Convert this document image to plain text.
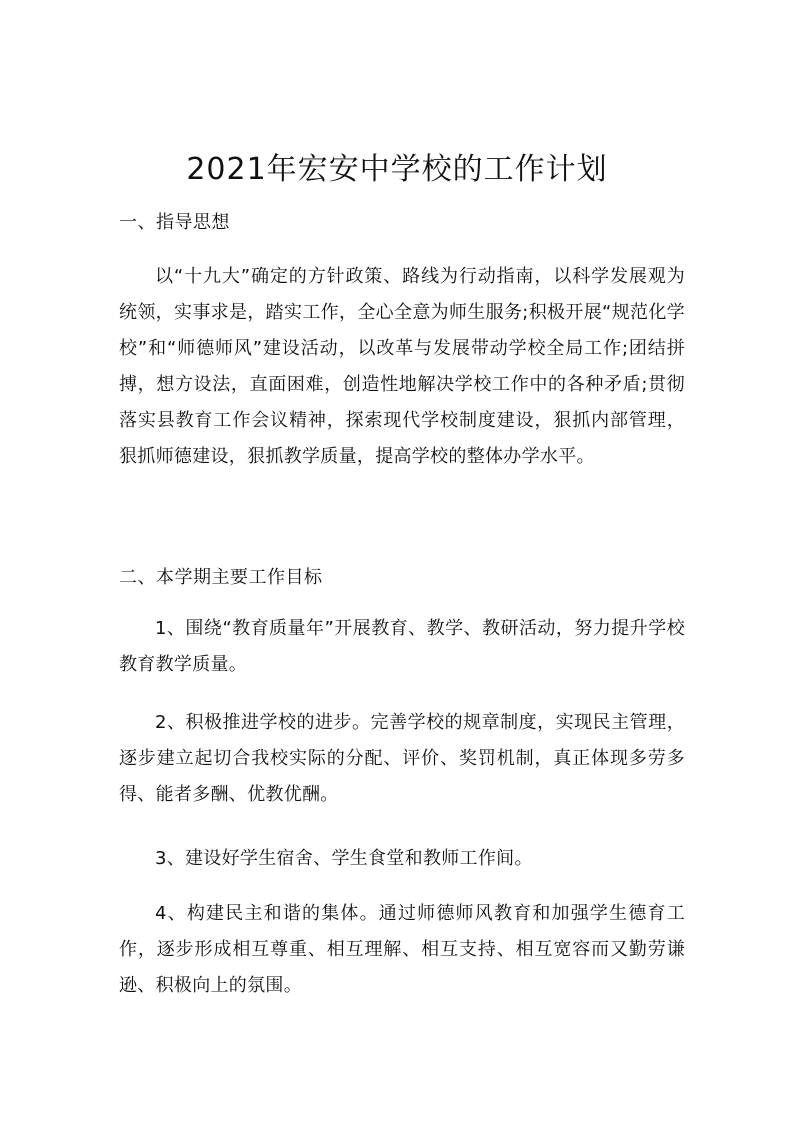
2021年宏安中学校的工作计划
一、指导思想
以“十九大”确定的方针政策、路线为行动指南，以科学发展观为统领，实事求是，踏实工作，全心全意为师生服务;积极开展“规范化学校”和“师德师风”建设活动，以改革与发展带动学校全局工作;团结拼搏，想方设法，直面困难，创造性地解决学校工作中的各种矛盾;贯彻落实县教育工作会议精神，探索现代学校制度建设，狠抓内部管理，狠抓师德建设，狠抓教学质量，提高学校的整体办学水平。
二、本学期主要工作目标
1、围绕“教育质量年”开展教育、教学、教研活动，努力提升学校教育教学质量。
2、积极推进学校的进步。完善学校的规章制度，实现民主管理，逐步建立起切合我校实际的分配、评价、奖罚机制，真正体现多劳多得、能者多酬、优教优酬。
3、建设好学生宿舍、学生食堂和教师工作间。
4、构建民主和谐的集体。通过师德师风教育和加强学生德育工作，逐步形成相互尊重、相互理解、相互支持、相互宽容而又勤劳谦逊、积极向上的氛围。
